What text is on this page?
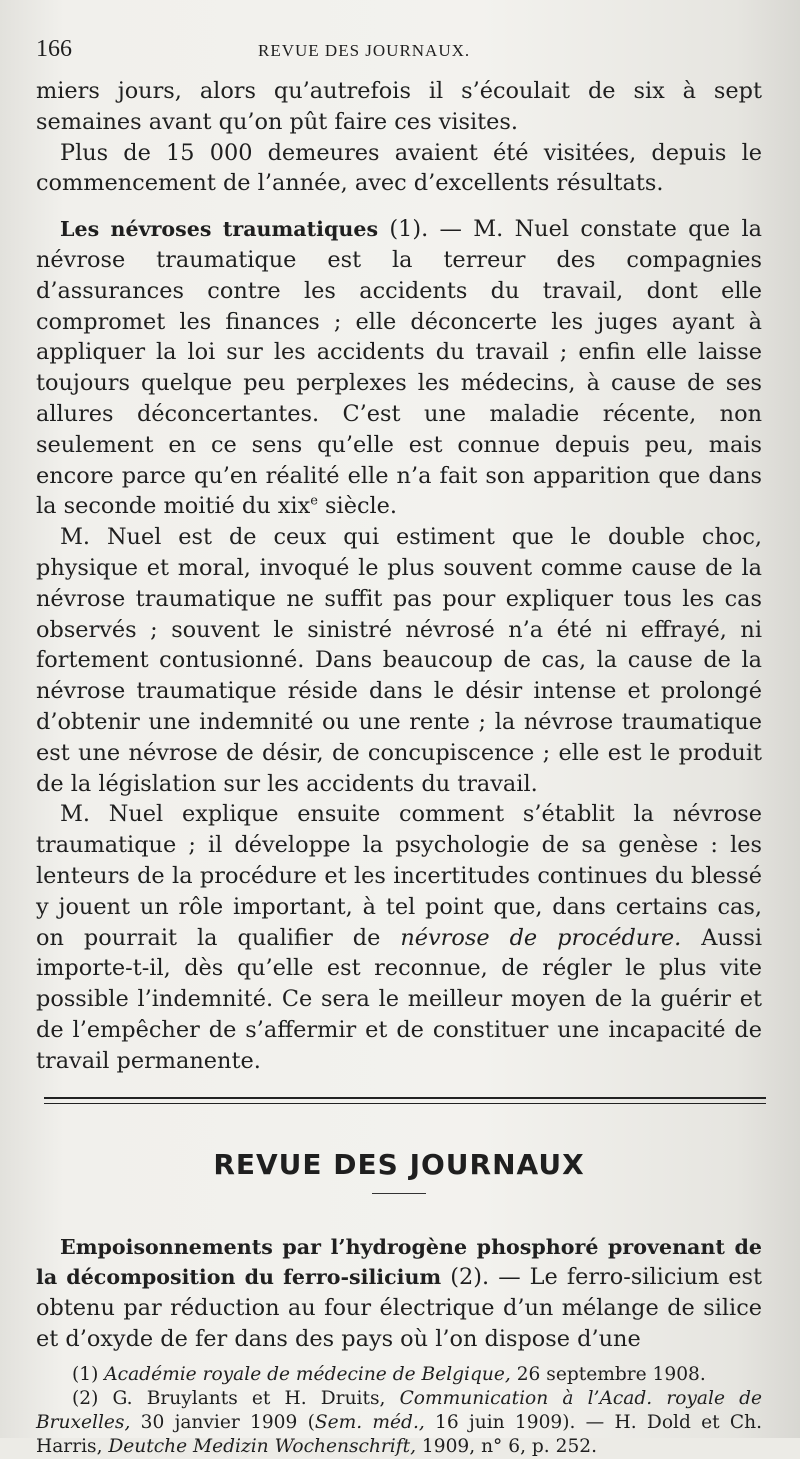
166	REVUE DES JOURNAUX.

miers jours, alors qu’autrefois il s’écoulait de six à sept semaines avant qu’on pût faire ces visites.

Plus de 15 000 demeures avaient été visitées, depuis le commencement de l’année, avec d’excellents résultats.

Les névroses traumatiques (1). — M. Nuel constate que la névrose traumatique est la terreur des compagnies d’assurances contre les accidents du travail, dont elle compromet les finances ; elle déconcerte les juges ayant à appliquer la loi sur les accidents du travail ; enfin elle laisse toujours quelque peu perplexes les médecins, à cause de ses allures déconcertantes. C’est une maladie récente, non seulement en ce sens qu’elle est connue depuis peu, mais encore parce qu’en réalité elle n’a fait son apparition que dans la seconde moitié du xix$^e$ siècle.

M. Nuel est de ceux qui estiment que le double choc, physique et moral, invoqué le plus souvent comme cause de la névrose traumatique ne suffit pas pour expliquer tous les cas observés ; souvent le sinistré névrosé n’a été ni effrayé, ni fortement contusionné. Dans beaucoup de cas, la cause de la névrose traumatique réside dans le désir intense et prolongé d’obtenir une indemnité ou une rente ; la névrose traumatique est une névrose de désir, de concupiscence ; elle est le produit de la législation sur les accidents du travail.

M. Nuel explique ensuite comment s’établit la névrose traumatique ; il développe la psychologie de sa genèse : les lenteurs de la procédure et les incertitudes continues du blessé y jouent un rôle important, à tel point que, dans certains cas, on pourrait la qualifier de névrose de procédure. Aussi importe-t-il, dès qu’elle est reconnue, de régler le plus vite possible l’indemnité. Ce sera le meilleur moyen de la guérir et de l’empêcher de s’affermir et de constituer une incapacité de travail permanente.

REVUE DES JOURNAUX

Empoisonnements par l’hydrogène phosphoré provenant de la décomposition du ferro-silicium (2). — Le ferro-silicium est obtenu par réduction au four électrique d’un mélange de silice et d’oxyde de fer dans des pays où l’on dispose d’une

(1) Académie royale de médecine de Belgique, 26 septembre 1908.

(2) G. Bruylants et H. Druits, Communication à l’Acad. royale de Bruxelles, 30 janvier 1909 (Sem. méd., 16 juin 1909). — H. Dold et Ch. Harris, Deutche Medizin Wochenschrift, 1909, n° 6, p. 252.
